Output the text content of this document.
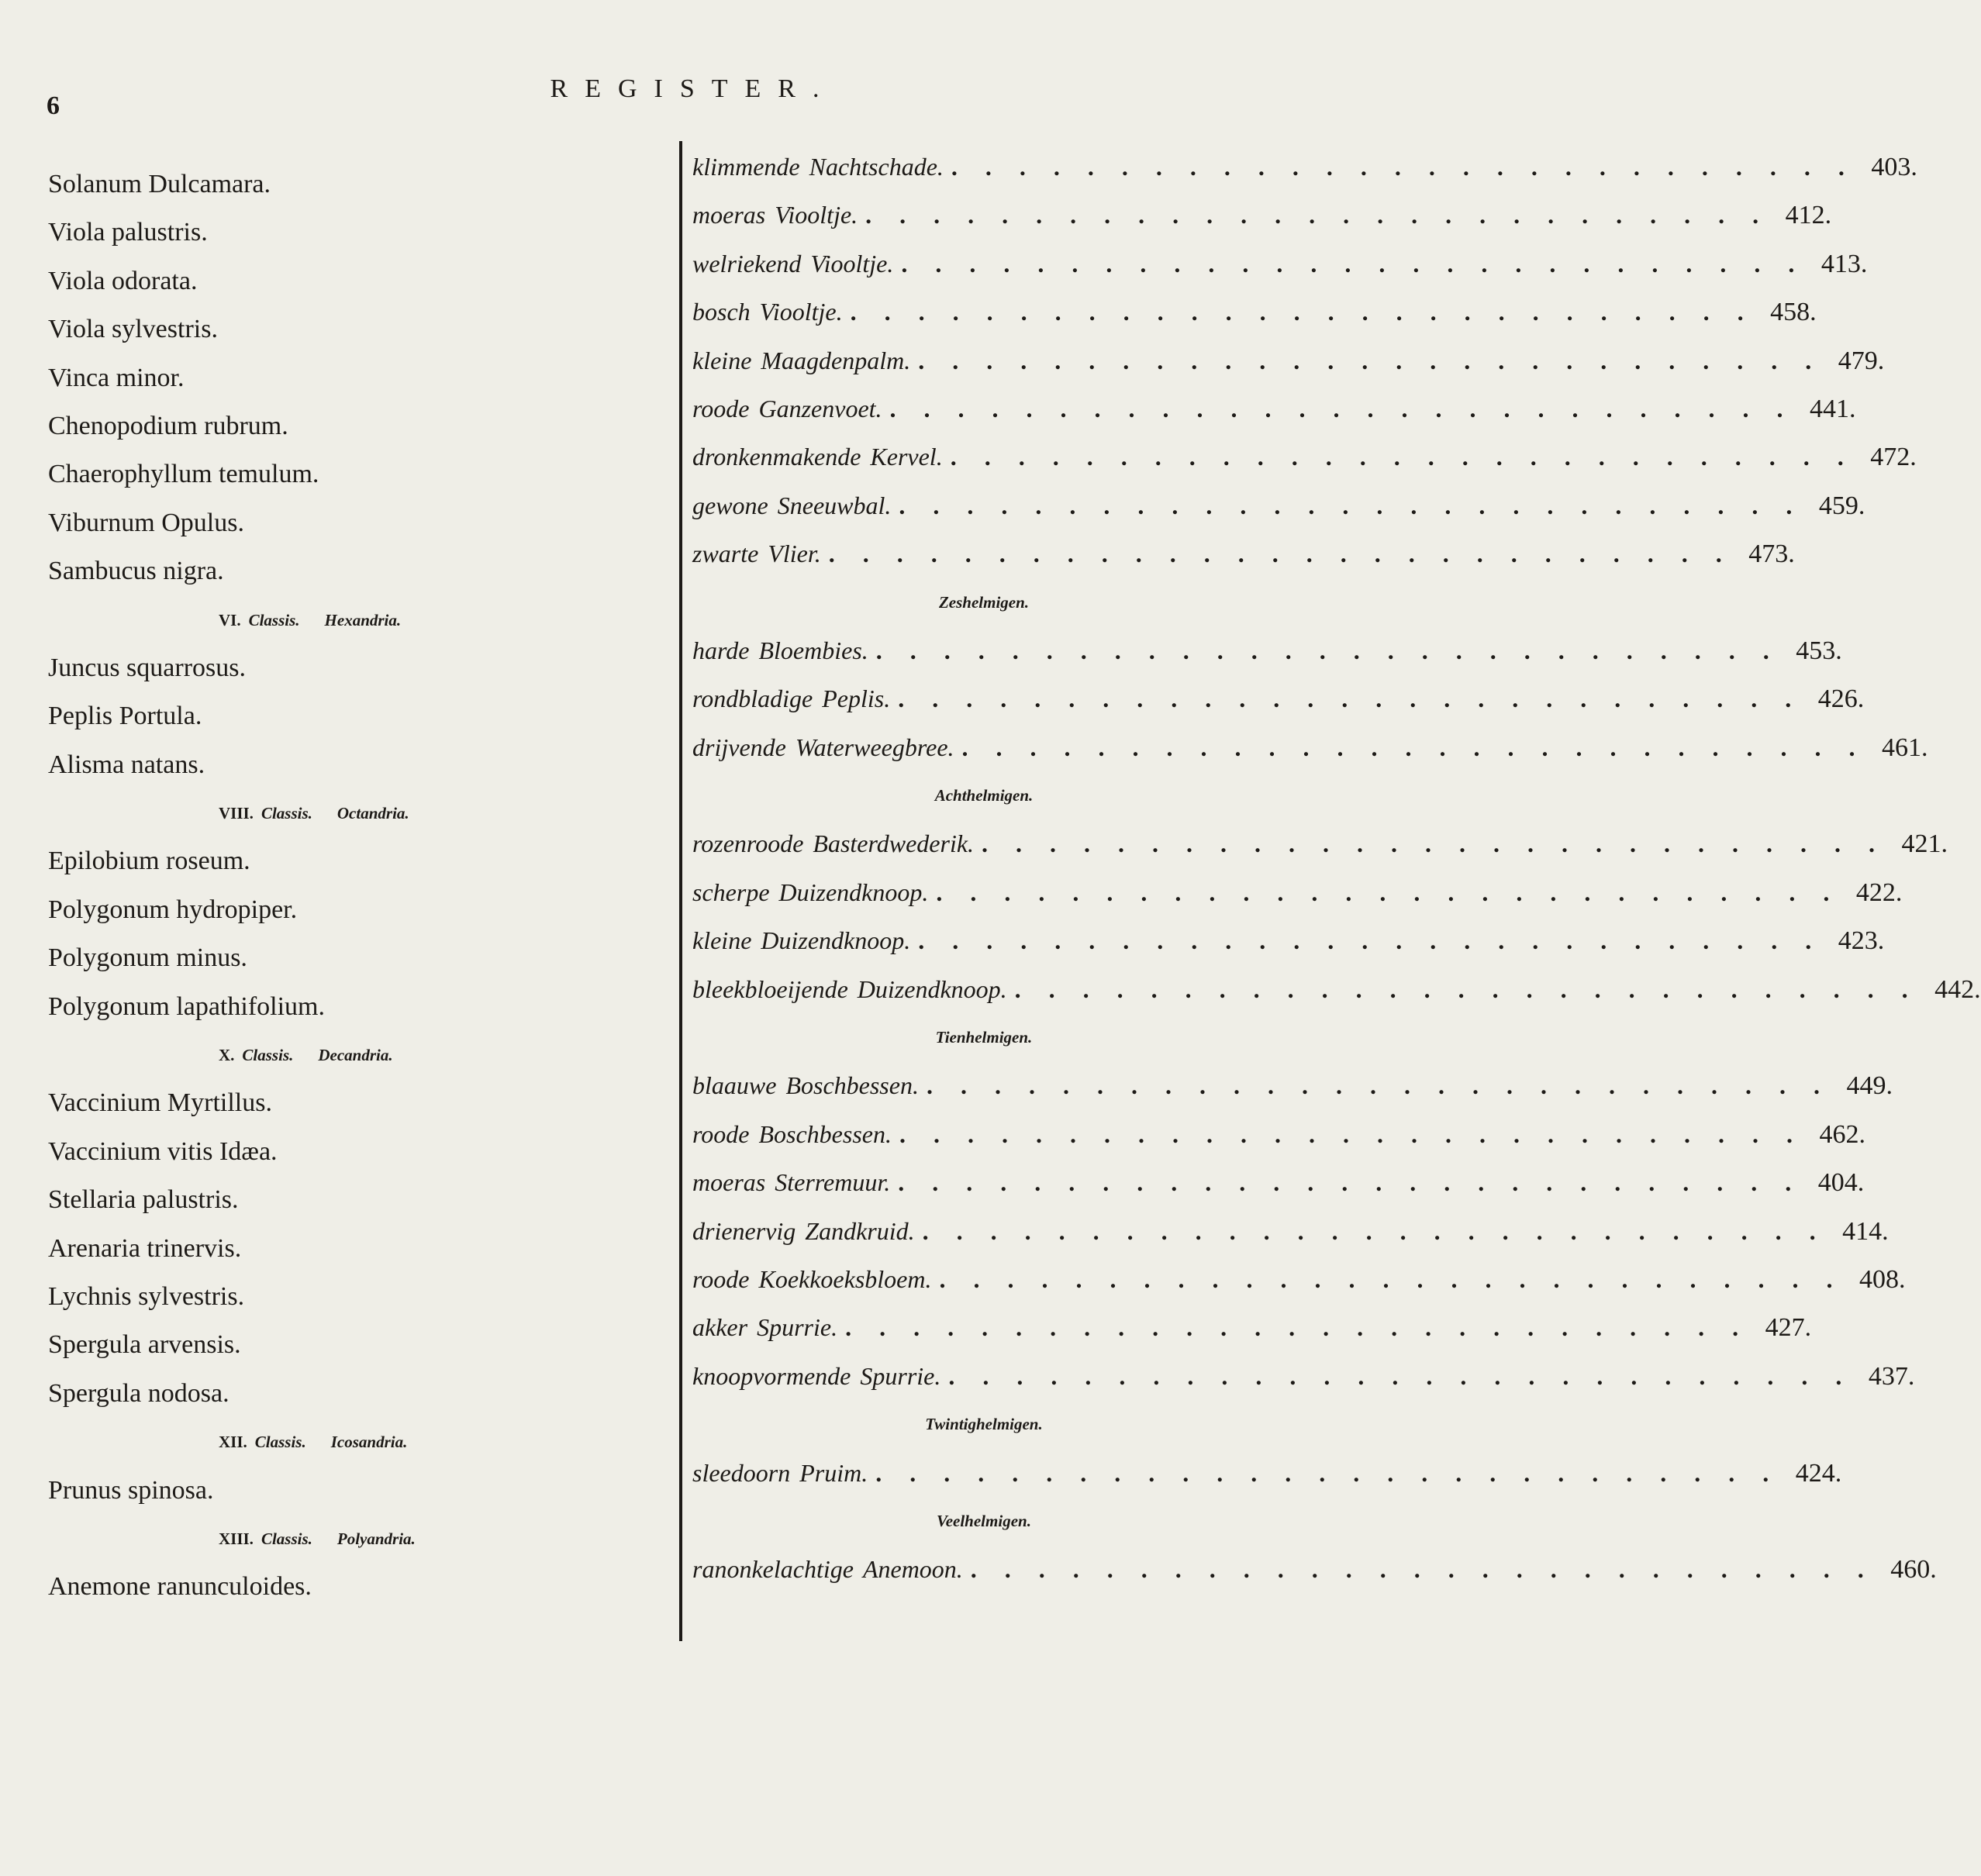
6
REGISTER.
Solanum Dulcamara.
Viola palustris.
Viola odorata.
Viola sylvestris.
Vinca minor.
Chenopodium rubrum.
Chaerophyllum temulum.
Viburnum Opulus.
Sambucus nigra.
VI. Classis. Hexandria.
Juncus squarrosus.
Peplis Portula.
Alisma natans.
VIII. Classis. Octandria.
Epilobium roseum.
Polygonum hydropiper.
Polygonum minus.
Polygonum lapathifolium.
X. Classis. Decandria.
Vaccinium Myrtillus.
Vaccinium vitis Idæa.
Stellaria palustris.
Arenaria trinervis.
Lychnis sylvestris.
Spergula arvensis.
Spergula nodosa.
XII. Classis. Icosandria.
Prunus spinosa.
XIII. Classis. Polyandria.
Anemone ranunculoides.
klimmende Nachtschade. . . . . . . . . . . . . . . . . . . . . . . . . . . . 403.
moeras Viooltje. . . . . . . . . . . . . . . . . . . . . . . . . . . . 412.
welriekend Viooltje. . . . . . . . . . . . . . . . . . . . . . . . . . . . 413.
bosch Viooltje. . . . . . . . . . . . . . . . . . . . . . . . . . . . 458.
kleine Maagdenpalm. . . . . . . . . . . . . . . . . . . . . . . . . . . . 479.
roode Ganzenvoet. . . . . . . . . . . . . . . . . . . . . . . . . . . . 441.
dronkenmakende Kervel. . . . . . . . . . . . . . . . . . . . . . . . . . . . 472.
gewone Sneeuwbal. . . . . . . . . . . . . . . . . . . . . . . . . . . . 459.
zwarte Vlier. . . . . . . . . . . . . . . . . . . . . . . . . . . . 473.
Zeshelmigen.
harde Bloembies. . . . . . . . . . . . . . . . . . . . . . . . . . . . 453.
rondbladige Peplis. . . . . . . . . . . . . . . . . . . . . . . . . . . . 426.
drijvende Waterweegbree. . . . . . . . . . . . . . . . . . . . . . . . . . . . 461.
Achthelmigen.
rozenroode Basterdwederik. . . . . . . . . . . . . . . . . . . . . . . . . . . . 421.
scherpe Duizendknoop. . . . . . . . . . . . . . . . . . . . . . . . . . . . 422.
kleine Duizendknoop. . . . . . . . . . . . . . . . . . . . . . . . . . . . 423.
bleekbloeijende Duizendknoop. . . . . . . . . . . . . . . . . . . . . . . . . . . . 442.
Tienhelmigen.
blaauwe Boschbessen. . . . . . . . . . . . . . . . . . . . . . . . . . . . 449.
roode Boschbessen. . . . . . . . . . . . . . . . . . . . . . . . . . . . 462.
moeras Sterremuur. . . . . . . . . . . . . . . . . . . . . . . . . . . . 404.
drienervig Zandkruid. . . . . . . . . . . . . . . . . . . . . . . . . . . . 414.
roode Koekkoeksbloem. . . . . . . . . . . . . . . . . . . . . . . . . . . . 408.
akker Spurrie. . . . . . . . . . . . . . . . . . . . . . . . . . . . 427.
knoopvormende Spurrie. . . . . . . . . . . . . . . . . . . . . . . . . . . . 437.
Twintighelmigen.
sleedoorn Pruim. . . . . . . . . . . . . . . . . . . . . . . . . . . . 424.
Veelhelmigen.
ranonkelachtige Anemoon. . . . . . . . . . . . . . . . . . . . . . . . . . . . 460.
